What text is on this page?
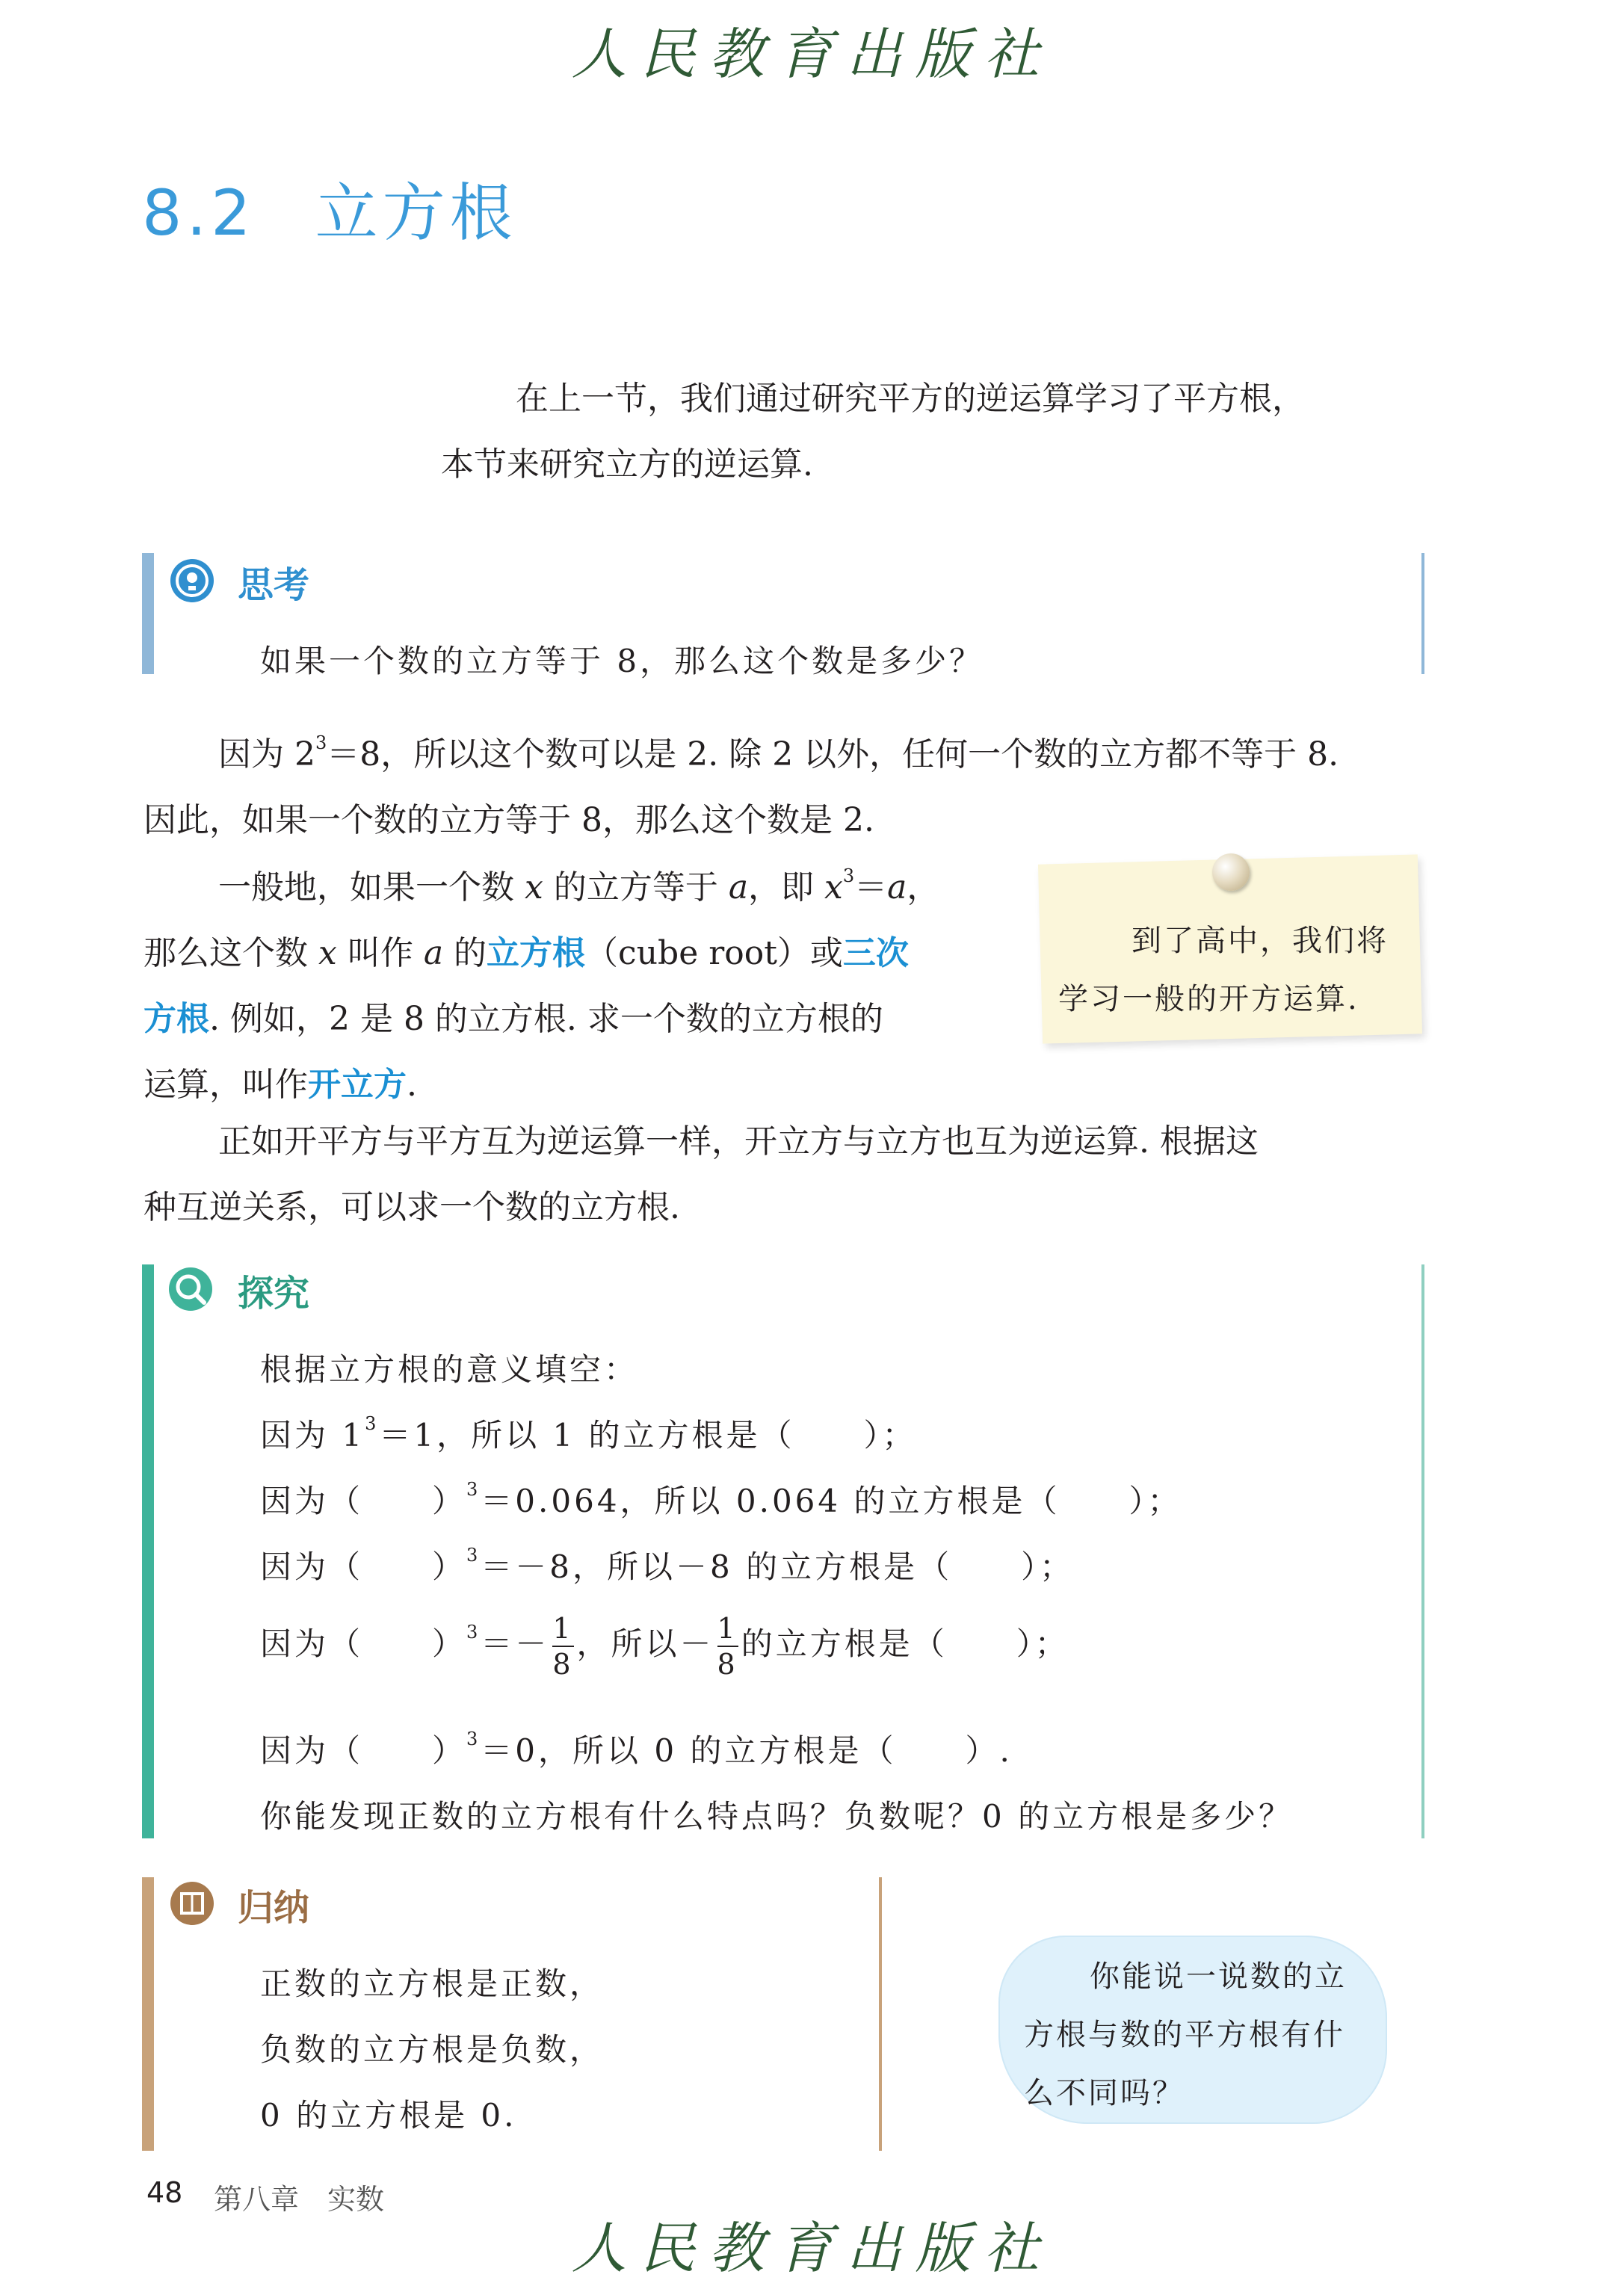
人民教育出版社
8.2 立方根
在上一节，我们通过研究平方的逆运算学习了平方根，
本节来研究立方的逆运算.
思考
如果一个数的立方等于 8，那么这个数是多少？
因为 $2^3=8$，所以这个数可以是 2. 除 2 以外，任何一个数的立方都不等于 8.
因此，如果一个数的立方等于 8，那么这个数是 2.
一般地，如果一个数 x 的立方等于 a，即 $x^3=a$，
那么这个数 x 叫作 a 的立方根（cube root）或三次
方根. 例如，2 是 8 的立方根. 求一个数的立方根的
运算，叫作开立方.
到了高中，我们将
学习一般的开方运算.
正如开平方与平方互为逆运算一样，开立方与立方也互为逆运算. 根据这
种互逆关系，可以求一个数的立方根.
探究
根据立方根的意义填空：
因为 $1^3=1$，所以 1 的立方根是（　　）；
因为（　　）$^3$＝0.064，所以 0.064 的立方根是（　　）；
因为（　　）$^3$＝－8，所以－8 的立方根是（　　）；
因为（　　）$^3=- \frac{1}{8}$ ，所以－ $\frac{1}{8}$ 的立方根是（　　）；
因为（　　）$^3$＝0，所以 0 的立方根是（　　）.
你能发现正数的立方根有什么特点吗？负数呢？0 的立方根是多少？
归纳
正数的立方根是正数，
负数的立方根是负数，
0 的立方根是 0.
你能说一说数的立
方根与数的平方根有什
么不同吗？
48 第八章　实数
人民教育出版社
